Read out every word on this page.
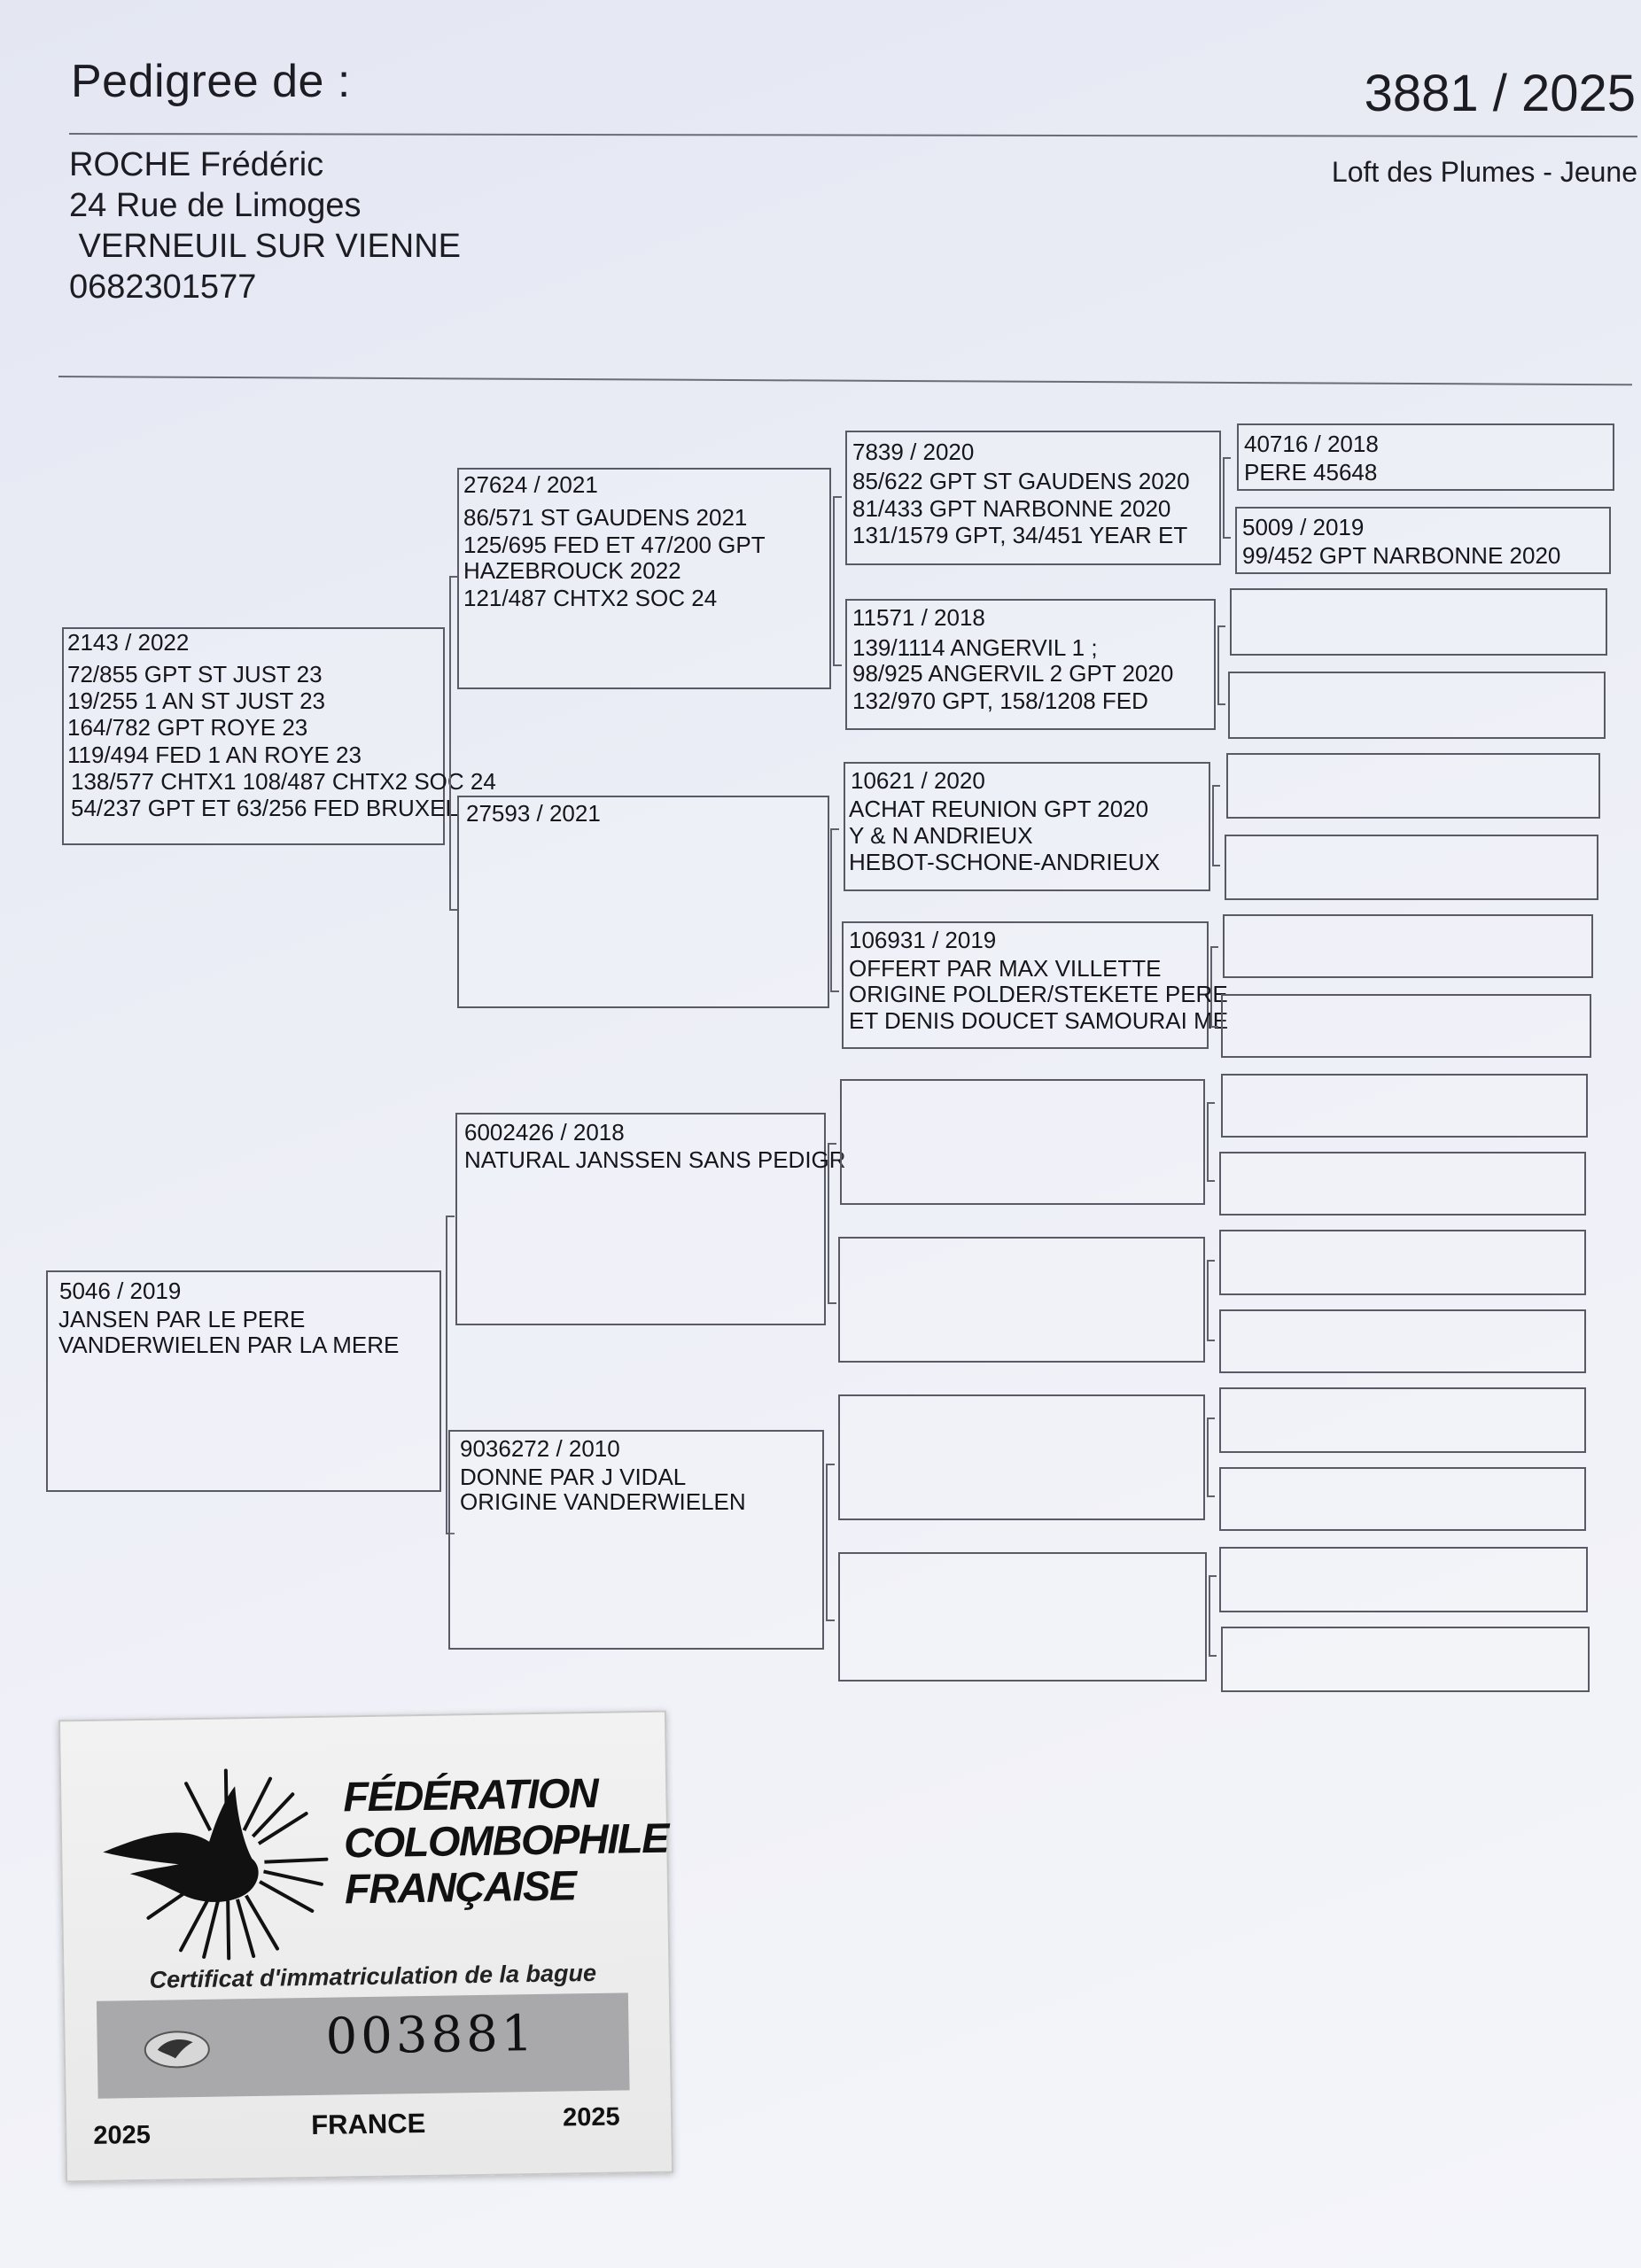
Pedigree de :	3881 / 2025
ROCHE Frédéric
24 Rue de Limoges
VERNEUIL SUR VIENNE
0682301577
Loft des Plumes - Jeune
2143 / 2022
72/855 GPT ST JUST 23
19/255 1 AN ST JUST 23
164/782 GPT ROYE 23
119/494 FED 1 AN ROYE 23
138/577 CHTX1 108/487 CHTX2 SOC 24
54/237 GPT ET 63/256 FED BRUXEL
5046 / 2019
JANSEN PAR LE PERE
VANDERWIELEN PAR LA MERE
27624 / 2021
86/571 ST GAUDENS 2021
125/695 FED ET 47/200 GPT
HAZEBROUCK 2022
121/487 CHTX2 SOC 24
27593 / 2021
6002426 / 2018
NATURAL JANSSEN SANS PEDIGR
9036272 / 2010
DONNE PAR J VIDAL
ORIGINE VANDERWIELEN
7839 / 2020
85/622 GPT ST GAUDENS 2020
81/433 GPT NARBONNE 2020
131/1579 GPT, 34/451 YEAR ET
11571 / 2018
139/1114 ANGERVIL 1 ;
98/925 ANGERVIL 2 GPT 2020
132/970 GPT, 158/1208 FED
10621 / 2020
ACHAT REUNION GPT 2020
Y & N ANDRIEUX
HEBOT-SCHONE-ANDRIEUX
106931 / 2019
OFFERT PAR MAX VILLETTE
ORIGINE POLDER/STEKETE PERE
ET DENIS DOUCET SAMOURAI ME
40716 / 2018
PERE 45648
5009 / 2019
99/452 GPT NARBONNE 2020
FÉDÉRATION
COLOMBOPHILE
FRANÇAISE
Certificat d'immatriculation de la bague
003881
2025	FRANCE	2025
